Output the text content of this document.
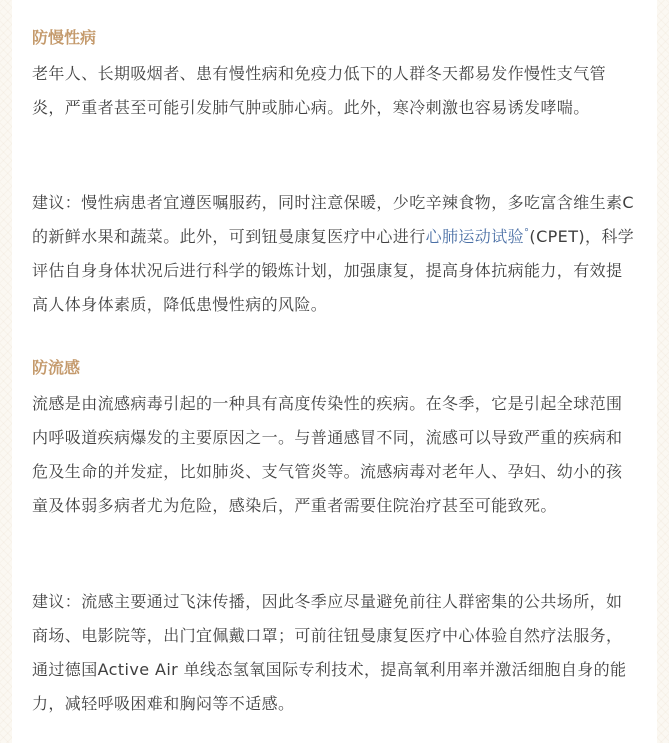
防慢性病

老年人、长期吸烟者、患有慢性病和免疫力低下的人群冬天都易发作慢性支气管炎，严重者甚至可能引发肺气肿或肺心病。此外，寒冷刺激也容易诱发哮喘。

建议：慢性病患者宜遵医嘱服药，同时注意保暖，少吃辛辣食物，多吃富含维生素C的新鲜水果和蔬菜。此外，可到钮曼康复医疗中心进行心肺运动试验°(CPET)，科学评估自身身体状况后进行科学的锻炼计划，加强康复，提高身体抗病能力，有效提高人体身体素质，降低患慢性病的风险。

防流感

流感是由流感病毒引起的一种具有高度传染性的疾病。在冬季，它是引起全球范围内呼吸道疾病爆发的主要原因之一。与普通感冒不同，流感可以导致严重的疾病和危及生命的并发症，比如肺炎、支气管炎等。流感病毒对老年人、孕妇、幼小的孩童及体弱多病者尤为危险，感染后，严重者需要住院治疗甚至可能致死。

建议：流感主要通过飞沫传播，因此冬季应尽量避免前往人群密集的公共场所，如商场、电影院等，出门宜佩戴口罩；可前往钮曼康复医疗中心体验自然疗法服务，通过德国Active Air 单线态氢氧国际专利技术，提高氧利用率并激活细胞自身的能力，减轻呼吸困难和胸闷等不适感。
